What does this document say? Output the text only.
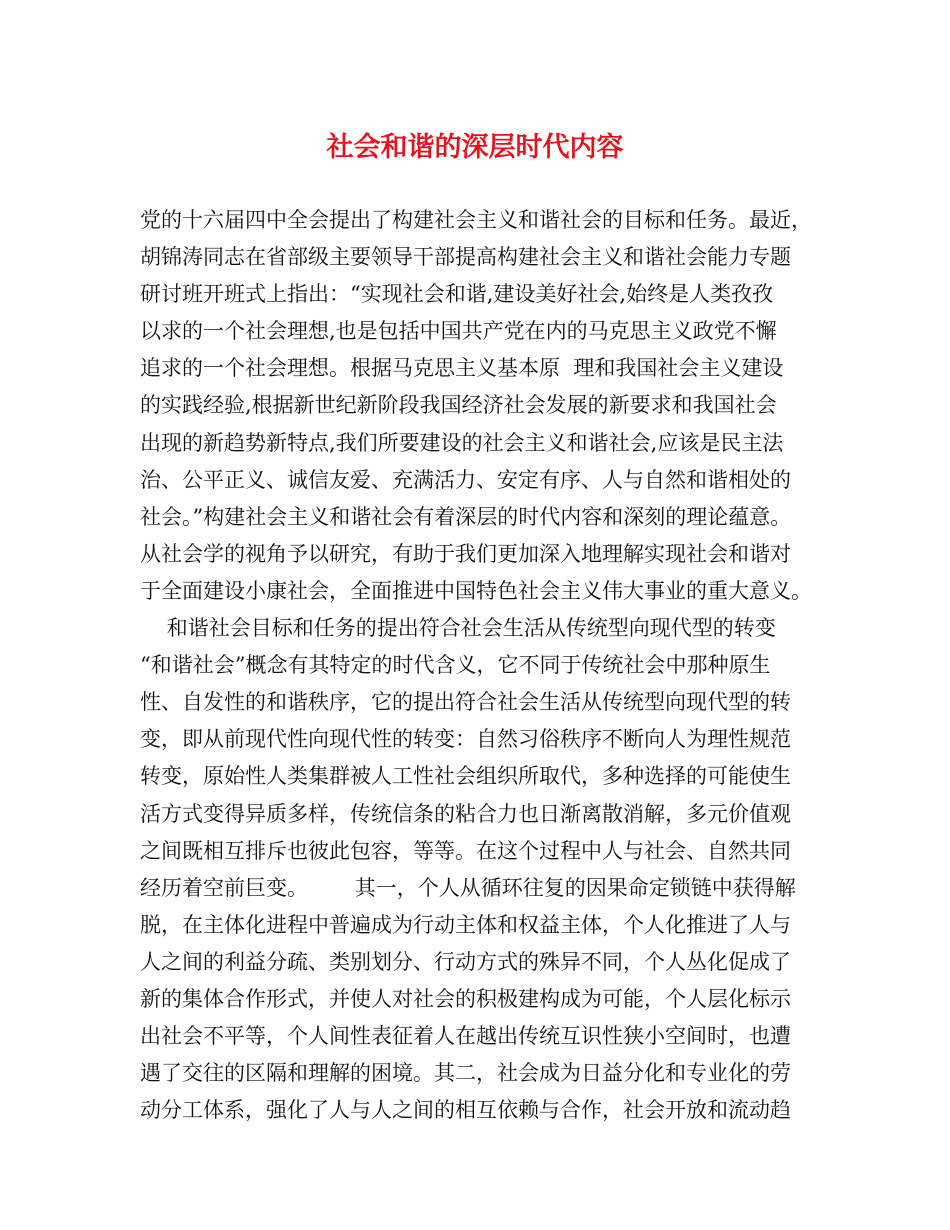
社会和谐的深层时代内容
党的十六届四中全会提出了构建社会主义和谐社会的目标和任务。最近，
胡锦涛同志在省部级主要领导干部提高构建社会主义和谐社会能力专题
研讨班开班式上指出：“实现社会和谐,建设美好社会,始终是人类孜孜
以求的一个社会理想,也是包括中国共产党在内的马克思主义政党不懈
追求的一个社会理想。根据马克思主义基本原  理和我国社会主义建设
的实践经验,根据新世纪新阶段我国经济社会发展的新要求和我国社会
出现的新趋势新特点,我们所要建设的社会主义和谐社会,应该是民主法
治、公平正义、诚信友爱、充满活力、安定有序、人与自然和谐相处的
社会。”构建社会主义和谐社会有着深层的时代内容和深刻的理论蕴意。
从社会学的视角予以研究，有助于我们更加深入地理解实现社会和谐对
于全面建设小康社会，全面推进中国特色社会主义伟大事业的重大意义。
和谐社会目标和任务的提出符合社会生活从传统型向现代型的转变
“和谐社会”概念有其特定的时代含义，它不同于传统社会中那种原生
性、自发性的和谐秩序，它的提出符合社会生活从传统型向现代型的转
变，即从前现代性向现代性的转变：自然习俗秩序不断向人为理性规范
转变，原始性人类集群被人工性社会组织所取代，多种选择的可能使生
活方式变得异质多样，传统信条的粘合力也日渐离散消解，多元价值观
之间既相互排斥也彼此包容，等等。在这个过程中人与社会、自然共同
经历着空前巨变。       其一，个人从循环往复的因果命定锁链中获得解
脱，在主体化进程中普遍成为行动主体和权益主体，个人化推进了人与
人之间的利益分疏、类别划分、行动方式的殊异不同，个人丛化促成了
新的集体合作形式，并使人对社会的积极建构成为可能，个人层化标示
出社会不平等，个人间性表征着人在越出传统互识性狭小空间时，也遭
遇了交往的区隔和理解的困境。其二，社会成为日益分化和专业化的劳
动分工体系，强化了人与人之间的相互依赖与合作，社会开放和流动趋
